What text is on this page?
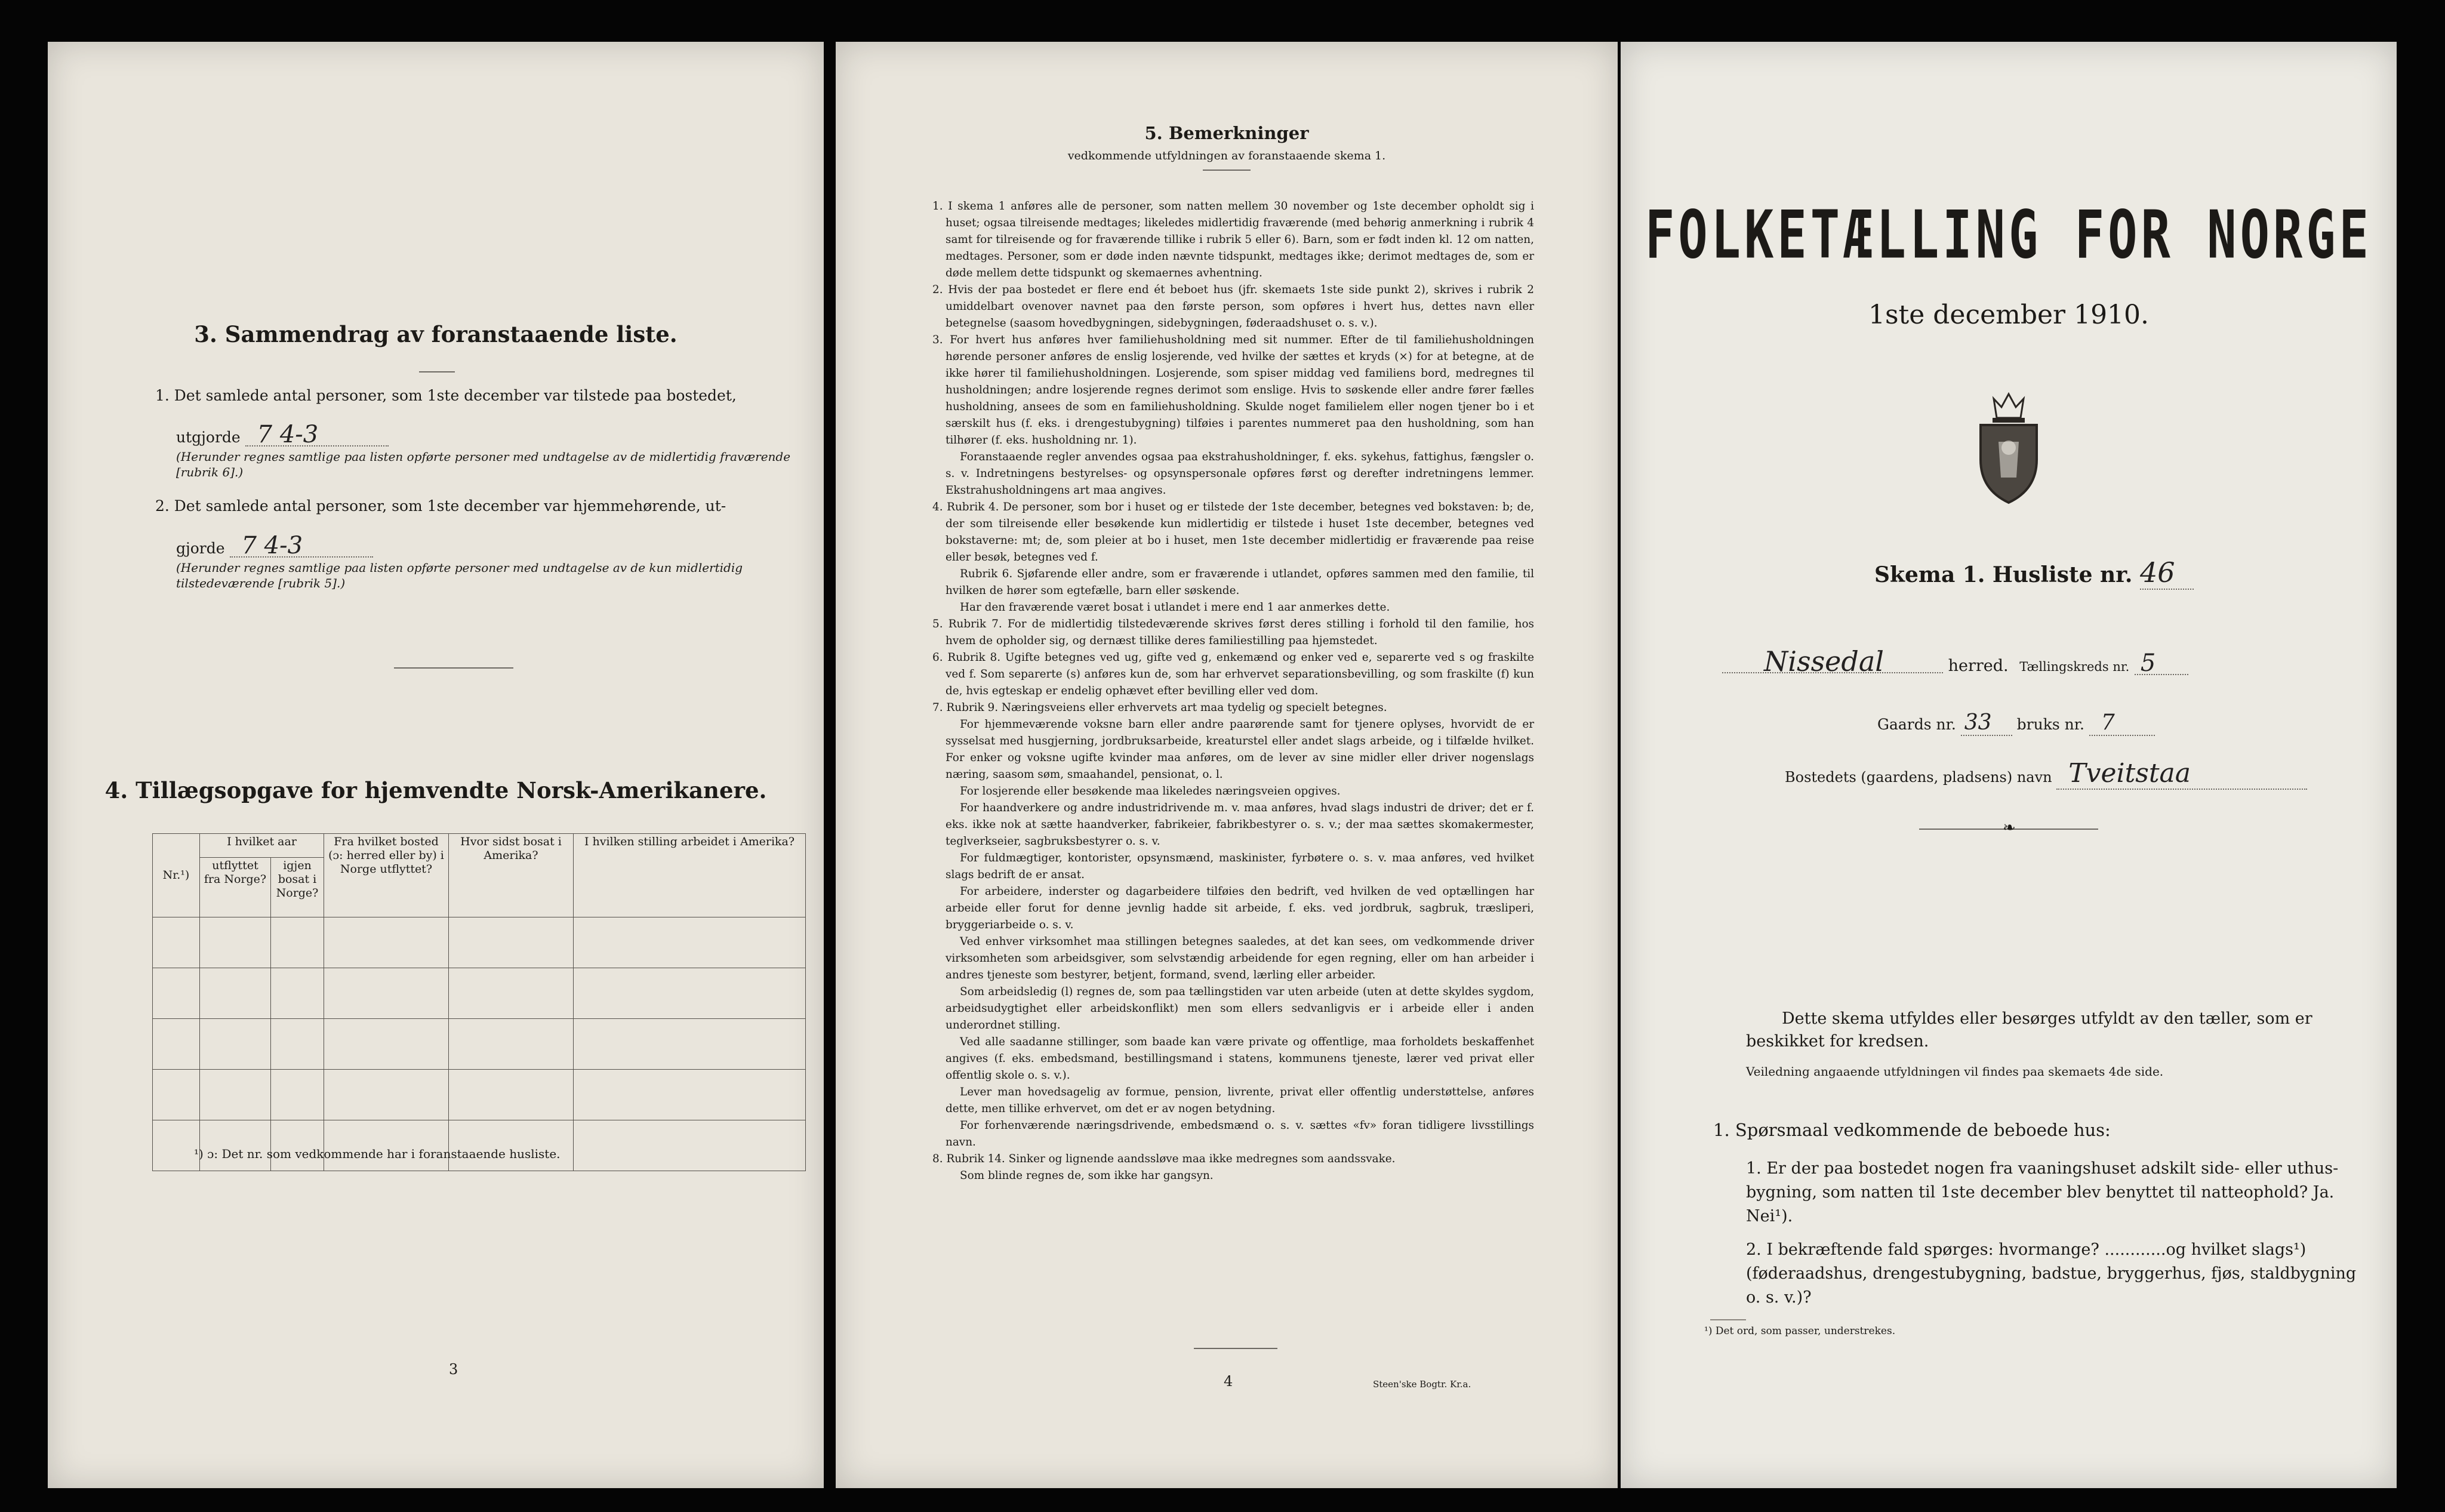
3. Sammendrag av foranstaaende liste.
1. Det samlede antal personer, som 1ste december var tilstede paa bostedet,
utgjorde 7 4-3
(Herunder regnes samtlige paa listen opførte personer med undtagelse av de midlertidig fraværende [rubrik 6].)
2. Det samlede antal personer, som 1ste december var hjemmehørende, ut-
gjorde 7 4-3
(Herunder regnes samtlige paa listen opførte personer med undtagelse av de kun midlertidig tilstedeværende [rubrik 5].)
4. Tillægsopgave for hjemvendte Norsk-Amerikanere.
Nr.¹)	I hvilket aar		Fra hvilket bosted (ɔ: herred eller by) i Norge utflyttet?	Hvor sidst bosat i Amerika?	I hvilken stilling arbeidet i Amerika?
	utflyttet fra Norge?	igjen bosat i Norge?			

¹) ɔ: Det nr. som vedkommende har i foranstaaende husliste.
3
5. Bemerkninger
vedkommende utfyldningen av foranstaaende skema 1.

1. I skema 1 anføres alle de personer, som natten mellem 30 november og 1ste december opholdt sig i huset; ogsaa tilreisende medtages; likeledes midlertidig fraværende (med behørig anmerkning i rubrik 4 samt for tilreisende og for fraværende tillike i rubrik 5 eller 6). Barn, som er født inden kl. 12 om natten, medtages. Personer, som er døde inden nævnte tidspunkt, medtages ikke; derimot medtages de, som er døde mellem dette tidspunkt og skemaernes avhentning.

2. Hvis der paa bostedet er flere end ét beboet hus (jfr. skemaets 1ste side punkt 2), skrives i rubrik 2 umiddelbart ovenover navnet paa den første person, som opføres i hvert hus, dettes navn eller betegnelse (saasom hovedbygningen, sidebygningen, føderaadshuset o. s. v.).

3. For hvert hus anføres hver familiehusholdning med sit nummer. Efter de til familiehusholdningen hørende personer anføres de enslig losjerende, ved hvilke der sættes et kryds (×) for at betegne, at de ikke hører til familiehusholdningen. Losjerende, som spiser middag ved familiens bord, medregnes til husholdningen; andre losjerende regnes derimot som enslige. Hvis to søskende eller andre fører fælles husholdning, ansees de som en familiehusholdning. Skulde noget familielem eller nogen tjener bo i et særskilt hus (f. eks. i drengestubygning) tilføies i parentes nummeret paa den husholdning, som han tilhører (f. eks. husholdning nr. 1).

Foranstaaende regler anvendes ogsaa paa ekstrahusholdninger, f. eks. sykehus, fattighus, fængsler o. s. v. Indretningens bestyrelses- og opsynspersonale opføres først og derefter indretningens lemmer. Ekstrahusholdningens art maa angives.

4. Rubrik 4. De personer, som bor i huset og er tilstede der 1ste december, betegnes ved bokstaven: b; de, der som tilreisende eller besøkende kun midlertidig er tilstede i huset 1ste december, betegnes ved bokstaverne: mt; de, som pleier at bo i huset, men 1ste december midlertidig er fraværende paa reise eller besøk, betegnes ved f.

Rubrik 6. Sjøfarende eller andre, som er fraværende i utlandet, opføres sammen med den familie, til hvilken de hører som egtefælle, barn eller søskende.

Har den fraværende været bosat i utlandet i mere end 1 aar anmerkes dette.

5. Rubrik 7. For de midlertidig tilstedeværende skrives først deres stilling i forhold til den familie, hos hvem de opholder sig, og dernæst tillike deres familiestilling paa hjemstedet.

6. Rubrik 8. Ugifte betegnes ved ug, gifte ved g, enkemænd og enker ved e, separerte ved s og fraskilte ved f. Som separerte (s) anføres kun de, som har erhvervet separationsbevilling, og som fraskilte (f) kun de, hvis egteskap er endelig ophævet efter bevilling eller ved dom.

7. Rubrik 9. Næringsveiens eller erhvervets art maa tydelig og specielt betegnes.

For hjemmeværende voksne barn eller andre paarørende samt for tjenere oplyses, hvorvidt de er sysselsat med husgjerning, jordbruksarbeide, kreaturstel eller andet slags arbeide, og i tilfælde hvilket. For enker og voksne ugifte kvinder maa anføres, om de lever av sine midler eller driver nogenslags næring, saasom søm, smaahandel, pensionat, o. l.

For losjerende eller besøkende maa likeledes næringsveien opgives.

For haandverkere og andre industridrivende m. v. maa anføres, hvad slags industri de driver; det er f. eks. ikke nok at sætte haandverker, fabrikeier, fabrikbestyrer o. s. v.; der maa sættes skomakermester, teglverkseier, sagbruksbestyrer o. s. v.

For fuldmægtiger, kontorister, opsynsmænd, maskinister, fyrbøtere o. s. v. maa anføres, ved hvilket slags bedrift de er ansat.

For arbeidere, inderster og dagarbeidere tilføies den bedrift, ved hvilken de ved optællingen har arbeide eller forut for denne jevnlig hadde sit arbeide, f. eks. ved jordbruk, sagbruk, træsliperi, bryggeriarbeide o. s. v.

Ved enhver virksomhet maa stillingen betegnes saaledes, at det kan sees, om vedkommende driver virksomheten som arbeidsgiver, som selvstændig arbeidende for egen regning, eller om han arbeider i andres tjeneste som bestyrer, betjent, formand, svend, lærling eller arbeider.

Som arbeidsledig (l) regnes de, som paa tællingstiden var uten arbeide (uten at dette skyldes sygdom, arbeidsudygtighet eller arbeidskonflikt) men som ellers sedvanligvis er i arbeide eller i anden underordnet stilling.

Ved alle saadanne stillinger, som baade kan være private og offentlige, maa forholdets beskaffenhet angives (f. eks. embedsmand, bestillingsmand i statens, kommunens tjeneste, lærer ved privat eller offentlig skole o. s. v.).

Lever man hovedsagelig av formue, pension, livrente, privat eller offentlig understøttelse, anføres dette, men tillike erhvervet, om det er av nogen betydning.

For forhenværende næringsdrivende, embedsmænd o. s. v. sættes «fv» foran tidligere livsstillings navn.

8. Rubrik 14. Sinker og lignende aandssløve maa ikke medregnes som aandssvake.

Som blinde regnes de, som ikke har gangsyn.

4	Steen'ske Bogtr. Kr.a.
FOLKETÆLLING FOR NORGE
1ste december 1910.
Skema 1. Husliste nr. 46
Nissedal	herred. Tællingskreds nr. 5
Gaards nr. 33 bruks nr. 7
Bostedets (gaardens, pladsens) navn Tveitstaa
❧
Dette skema utfyldes eller besørges utfyldt av den tæller, som er beskikket for kredsen.
Veiledning angaaende utfyldningen vil findes paa skemaets 4de side.
1. Spørsmaal vedkommende de beboede hus:
1. Er der paa bostedet nogen fra vaaningshuset adskilt side- eller uthus-bygning, som natten til 1ste december blev benyttet til natteophold? Ja. Nei¹).
2. I bekræftende fald spørges: hvormange? ............og hvilket slags¹) (føderaadshus, drengestubygning, badstue, bryggerhus, fjøs, staldbygning o. s. v.)?
¹) Det ord, som passer, understrekes.
